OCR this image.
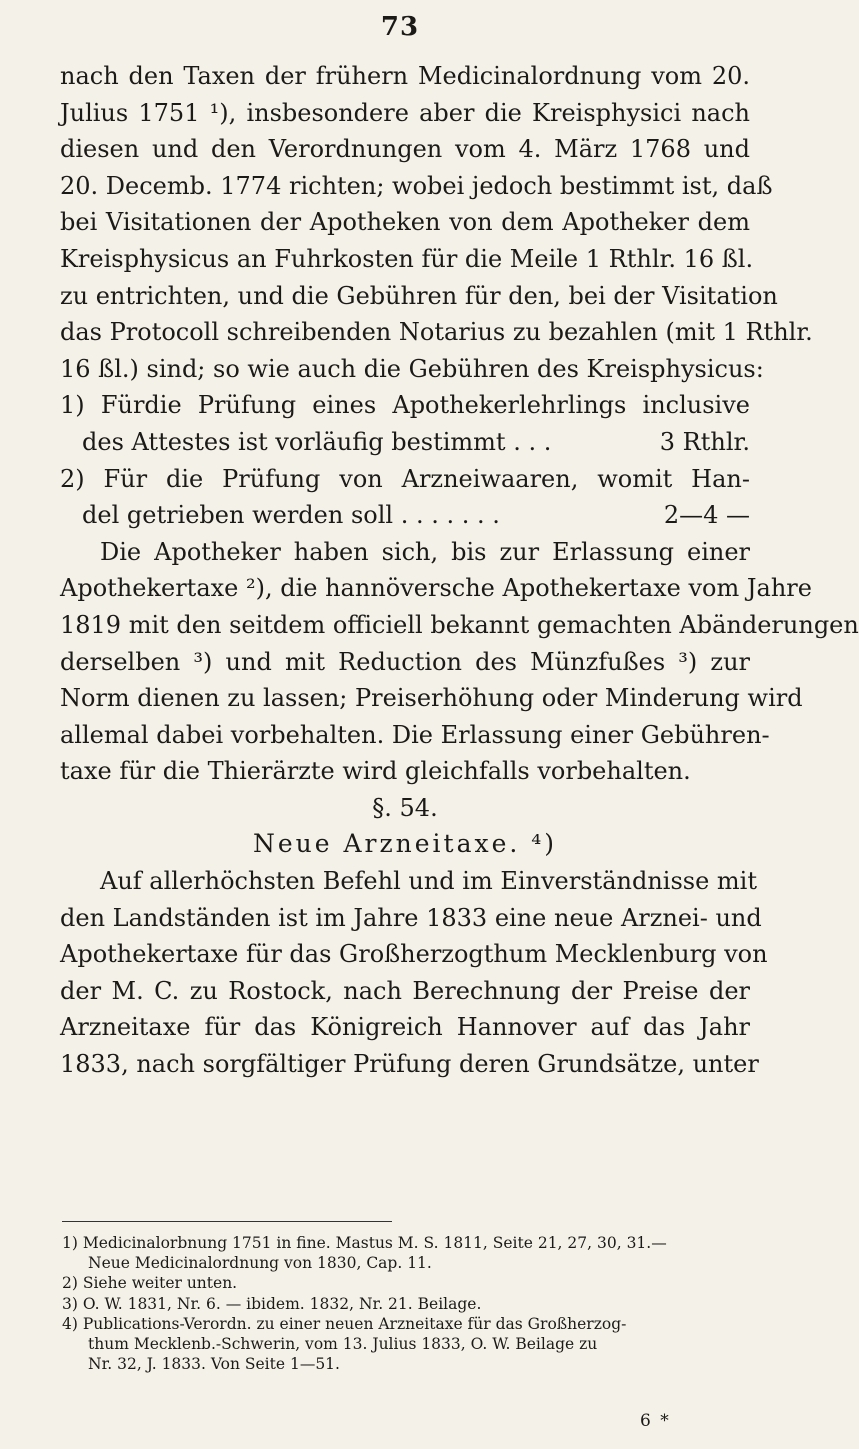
73
nach den Taxen der frühern Medicinalordnung vom 20.
Julius 1751 ¹), insbesondere aber die Kreisphysici nach
diesen und den Verordnungen vom 4. März 1768 und
20. Decemb. 1774 richten; wobei jedoch bestimmt ist, daß
bei Visitationen der Apotheken von dem Apotheker dem
Kreisphysicus an Fuhrkosten für die Meile 1 Rthlr. 16 ßl.
zu entrichten, und die Gebühren für den, bei der Visitation
das Protocoll schreibenden Notarius zu bezahlen (mit 1 Rthlr.
16 ßl.) sind; so wie auch die Gebühren des Kreisphysicus:
1) Fürdie Prüfung eines Apothekerlehrlings inclusive
des Attestes ist vorläufig bestimmt . . .	3 Rthlr.
2) Für die Prüfung von Arzneiwaaren, womit Han-
del getrieben werden soll . . . . . . .	2—4 —
Die Apotheker haben sich, bis zur Erlassung einer
Apothekertaxe ²), die hannöversche Apothekertaxe vom Jahre
1819 mit den seitdem officiell bekannt gemachten Abänderungen
derselben ³) und mit Reduction des Münzfußes ³) zur
Norm dienen zu lassen; Preiserhöhung oder Minderung wird
allemal dabei vorbehalten. Die Erlassung einer Gebühren-
taxe für die Thierärzte wird gleichfalls vorbehalten.
§. 54.
Neue Arzneitaxe. ⁴)
Auf allerhöchsten Befehl und im Einverständnisse mit
den Landständen ist im Jahre 1833 eine neue Arznei- und
Apothekertaxe für das Großherzogthum Mecklenburg von
der M. C. zu Rostock, nach Berechnung der Preise der
Arzneitaxe für das Königreich Hannover auf das Jahr
1833, nach sorgfältiger Prüfung deren Grundsätze, unter
1) Medicinalorbnung 1751 in fine. Mastus M. S. 1811, Seite 21, 27, 30, 31.—
Neue Medicinalordnung von 1830, Cap. 11.
2) Siehe weiter unten.
3) O. W. 1831, Nr. 6. — ibidem. 1832, Nr. 21. Beilage.
4) Publications-Verordn. zu einer neuen Arzneitaxe für das Großherzog-
thum Mecklenb.-Schwerin, vom 13. Julius 1833, O. W. Beilage zu
Nr. 32, J. 1833. Von Seite 1—51.
6 *
